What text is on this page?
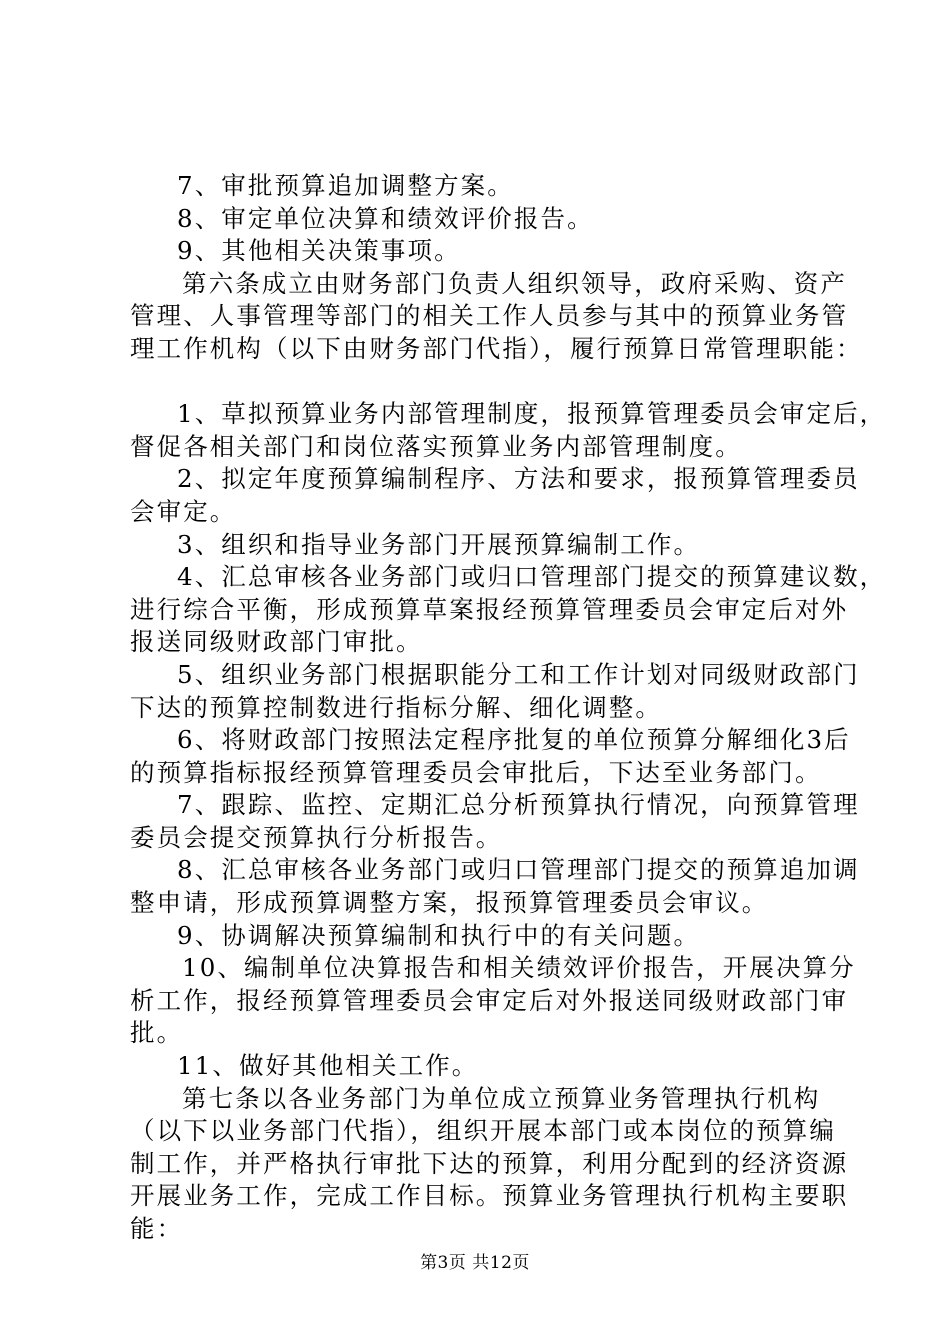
7、审批预算追加调整方案。
8、审定单位决算和绩效评价报告。
9、其他相关决策事项。
第六条成立由财务部门负责人组织领导，政府采购、资产
管理、人事管理等部门的相关工作人员参与其中的预算业务管
理工作机构（以下由财务部门代指），履行预算日常管理职能：
1、草拟预算业务内部管理制度，报预算管理委员会审定后，
督促各相关部门和岗位落实预算业务内部管理制度。
2、拟定年度预算编制程序、方法和要求，报预算管理委员
会审定。
3、组织和指导业务部门开展预算编制工作。
4、汇总审核各业务部门或归口管理部门提交的预算建议数，
进行综合平衡，形成预算草案报经预算管理委员会审定后对外
报送同级财政部门审批。
5、组织业务部门根据职能分工和工作计划对同级财政部门
下达的预算控制数进行指标分解、细化调整。
6、将财政部门按照法定程序批复的单位预算分解细化3后
的预算指标报经预算管理委员会审批后，下达至业务部门。
7、跟踪、监控、定期汇总分析预算执行情况，向预算管理
委员会提交预算执行分析报告。
8、汇总审核各业务部门或归口管理部门提交的预算追加调
整申请，形成预算调整方案，报预算管理委员会审议。
9、协调解决预算编制和执行中的有关问题。
10、编制单位决算报告和相关绩效评价报告，开展决算分
析工作，报经预算管理委员会审定后对外报送同级财政部门审
批。
11、做好其他相关工作。
第七条以各业务部门为单位成立预算业务管理执行机构
（以下以业务部门代指），组织开展本部门或本岗位的预算编
制工作，并严格执行审批下达的预算，利用分配到的经济资源
开展业务工作，完成工作目标。预算业务管理执行机构主要职
能：
第3页 共12页
